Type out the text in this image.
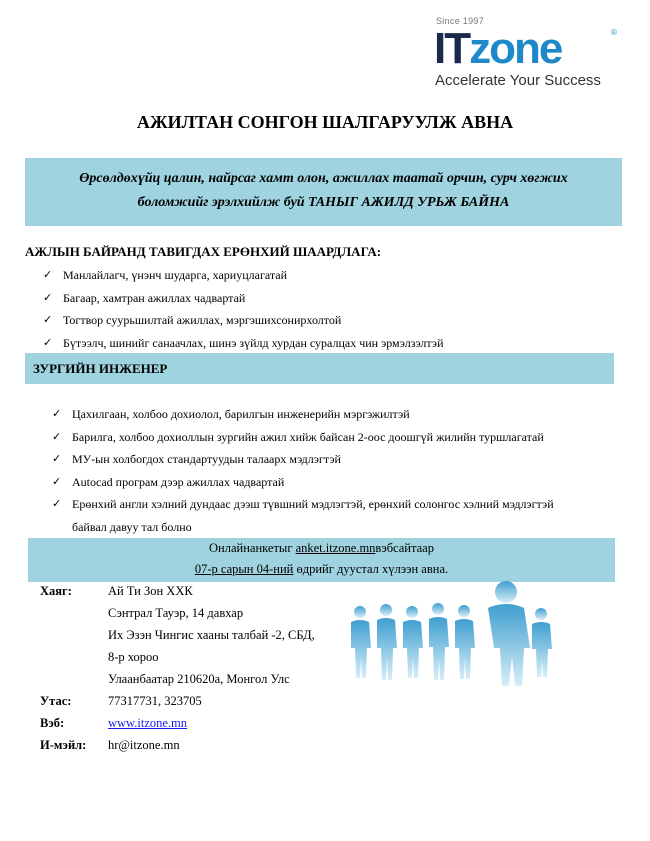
Since 1997
ITzone	®
Accelerate Your Success
АЖИЛТАН СОНГОН ШАЛГАРУУЛЖ АВНА
Өрсөлдөхүйц цалин, найрсаг хамт олон, ажиллах таатай орчин, сурч хөгжих
боломжийг эрэлхийлж буй ТАНЫГ АЖИЛД УРЬЖ БАЙНА
АЖЛЫН БАЙРАНД ТАВИГДАХ ЕРӨНХИЙ ШААРДЛАГА:
✓ Манлайлагч, үнэнч шударга, хариуцлагатай
✓ Багаар, хамтран ажиллах чадвартай
✓ Тогтвор суурьшилтай ажиллах, мэргэшихсонирхолтой
✓ Бүтээлч, шинийг санаачлах, шинэ зүйлд хурдан суралцах чин эрмэлзэлтэй
ЗУРГИЙН ИНЖЕНЕР
✓ Цахилгаан, холбоо дохиолол, барилгын инженерийн мэргэжилтэй
✓ Барилга, холбоо дохиоллын зургийн ажил хийж байсан 2-оос доошгүй жилийн туршлагатай
✓ МУ-ын холбогдох стандартуудын талаарх мэдлэгтэй
✓ Autocad програм дээр ажиллах чадвартай
✓ Ерөнхий англи хэлний дундаас дээш түвшний мэдлэгтэй, ерөнхий солонгос хэлний мэдлэгтэй
байвал давуу тал болно
Онлайнанкетыг anket.itzone.mnвэбсайтаар
07-р сарын 04-ний өдрийг дуустал хүлээн авна.
Хаяг:	Ай Ти Зон ХХК
Сэнтрал Тауэр, 14 давхар
Их Эзэн Чингис хааны талбай -2, СБД,
8-р хороо
Улаанбаатар 210620а, Монгол Улс
Утас:	77317731, 323705
Вэб:	www.itzone.mn
И-мэйл: hr@itzone.mn
